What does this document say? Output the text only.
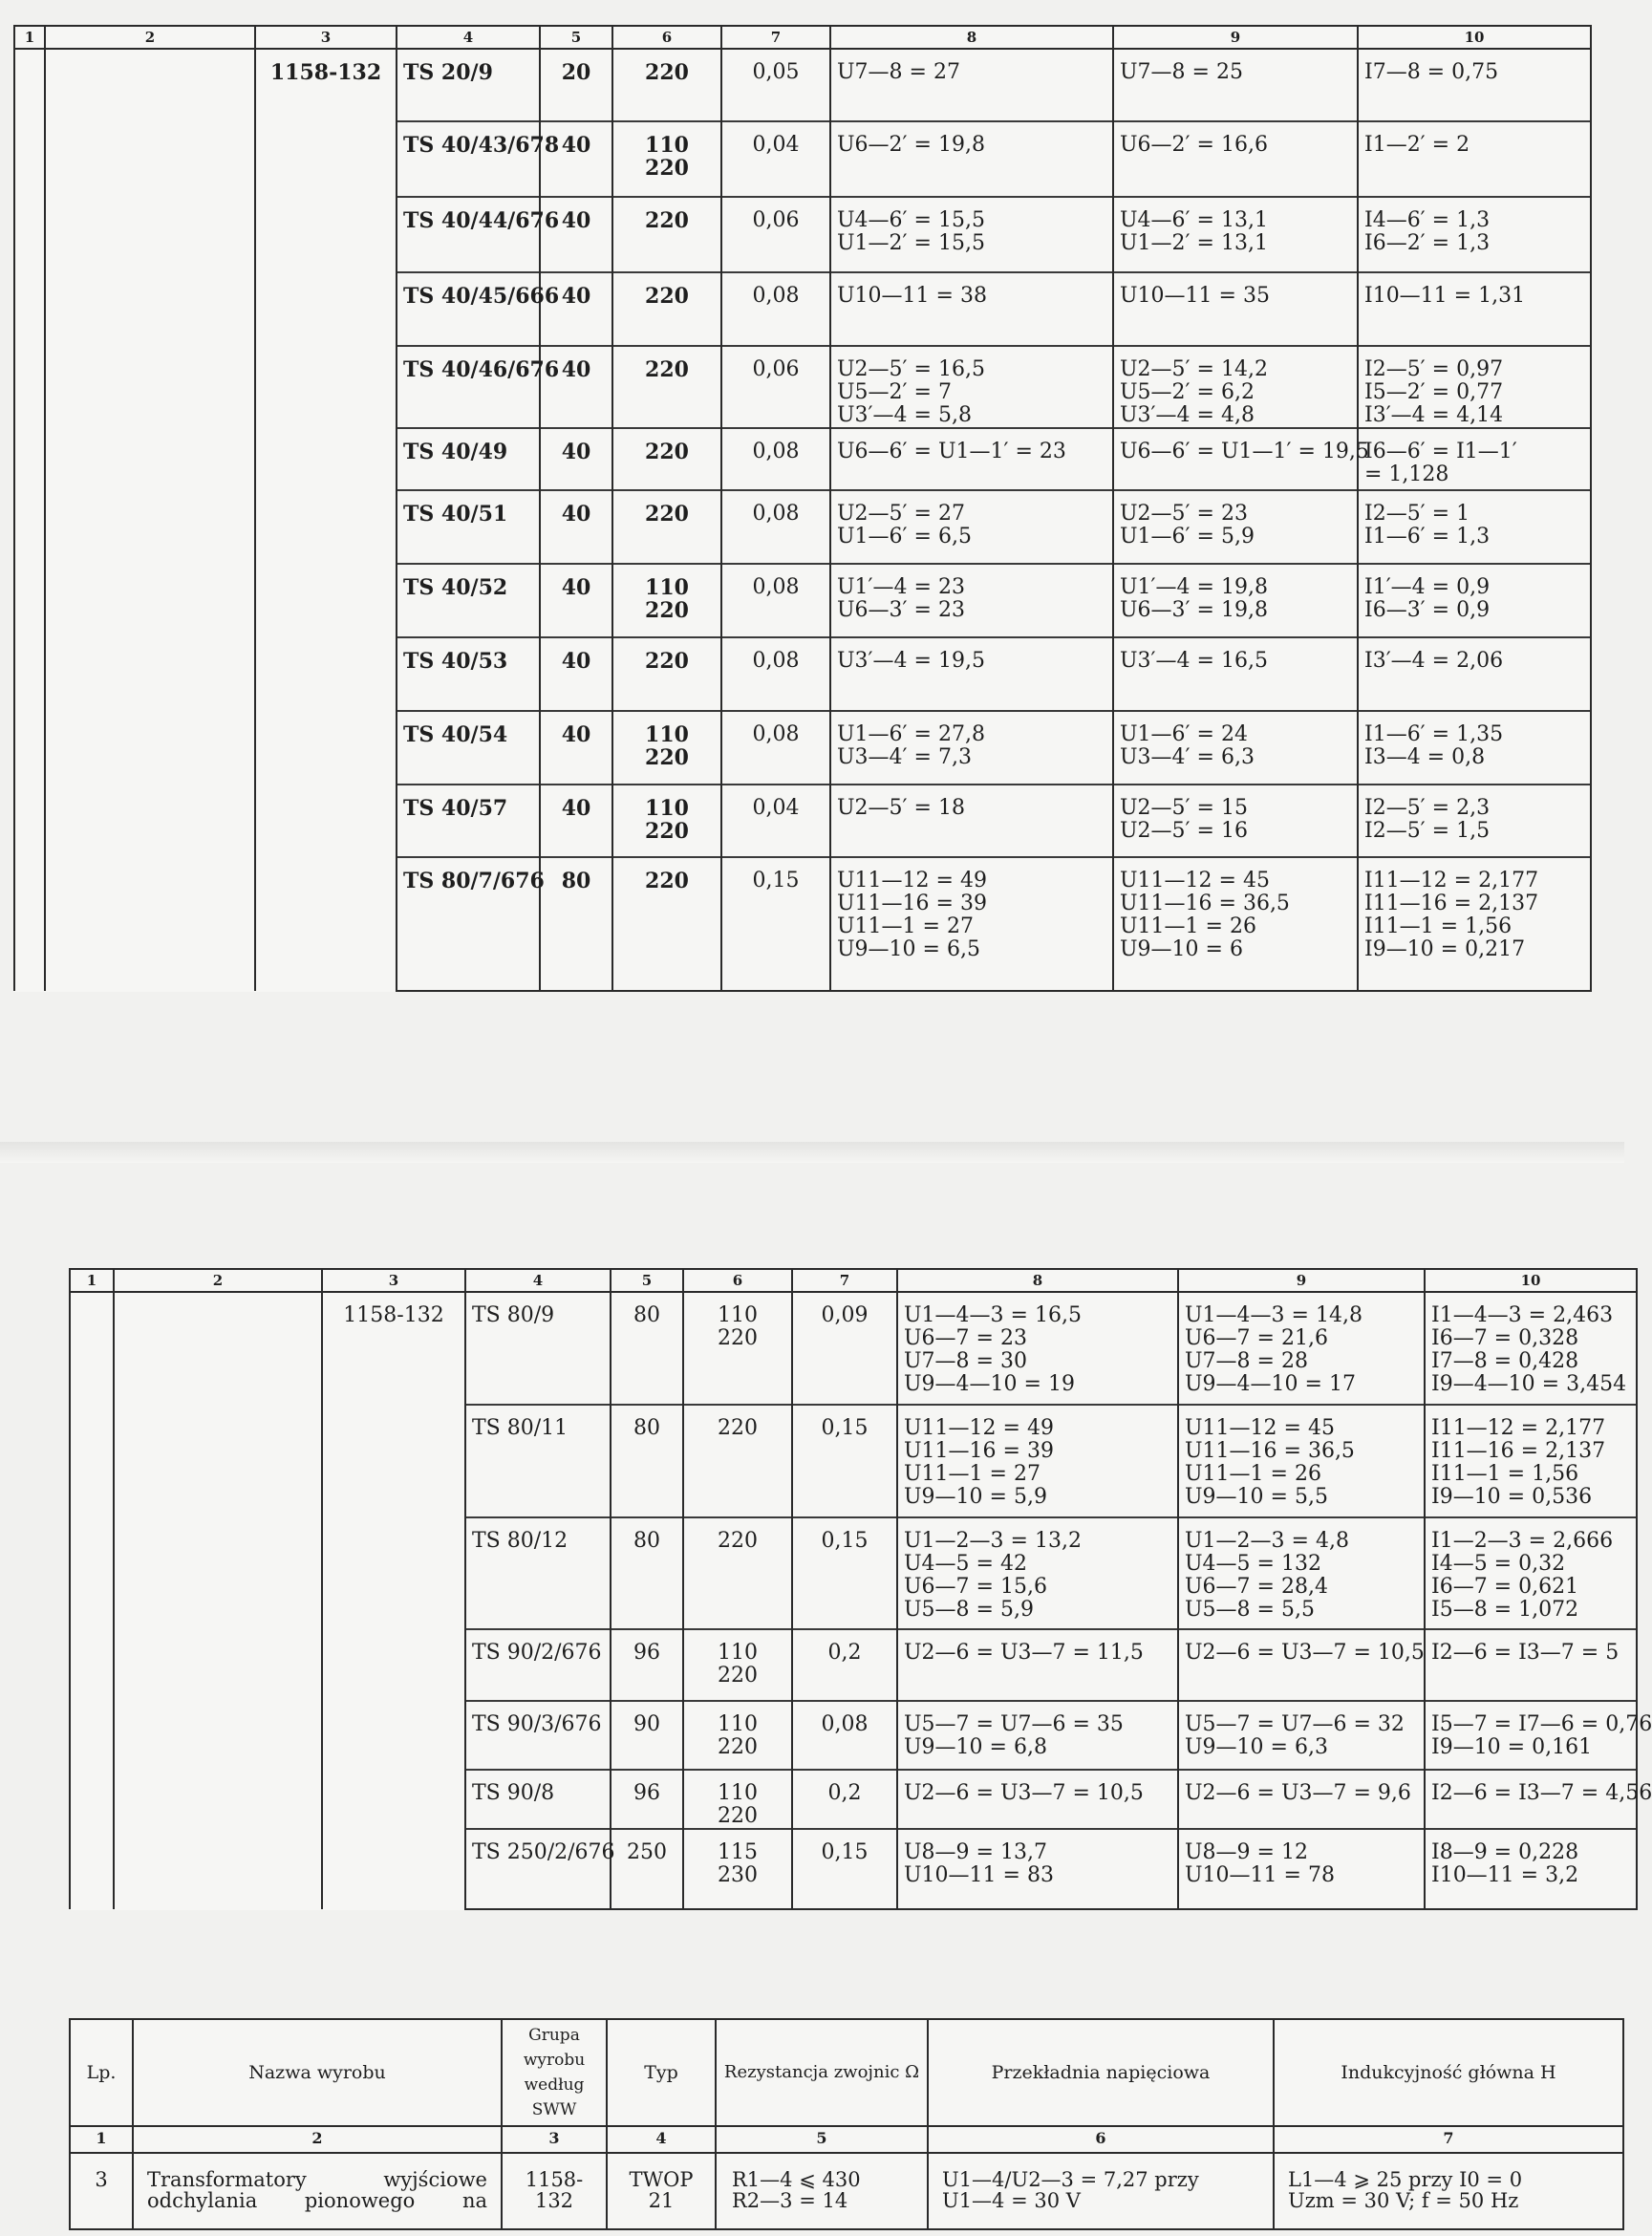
1	2	3	4	5	6	7	8	9	10
		1158-132	TS 20/9	20	220	0,05	U7—8 = 27	U7—8 = 25	I7—8 = 0,75

			TS 40/43/678	40	110
220	0,04	U6—2′ = 19,8	U6—2′ = 16,6	I1—2′ = 2

			TS 40/44/676	40	220	0,06	U4—6′ = 15,5
U1—2′ = 15,5	U4—6′ = 13,1
U1—2′ = 13,1	I4—6′ = 1,3
I6—2′ = 1,3

			TS 40/45/666	40	220	0,08	U10—11 = 38	U10—11 = 35	I10—11 = 1,31

			TS 40/46/676	40	220	0,06	U2—5′ = 16,5
U5—2′ = 7
U3′—4 = 5,8	U2—5′ = 14,2
U5—2′ = 6,2
U3′—4 = 4,8	I2—5′ = 0,97
I5—2′ = 0,77
I3′—4 = 4,14

			TS 40/49	40	220	0,08	U6—6′ = U1—1′ = 23	U6—6′ = U1—1′ = 19,5	I6—6′ = I1—1′
= 1,128

			TS 40/51	40	220	0,08	U2—5′ = 27
U1—6′ = 6,5	U2—5′ = 23
U1—6′ = 5,9	I2—5′ = 1
I1—6′ = 1,3

			TS 40/52	40	110
220	0,08	U1′—4 = 23
U6—3′ = 23	U1′—4 = 19,8
U6—3′ = 19,8	I1′—4 = 0,9
I6—3′ = 0,9

			TS 40/53	40	220	0,08	U3′—4 = 19,5	U3′—4 = 16,5	I3′—4 = 2,06

			TS 40/54	40	110
220	0,08	U1—6′ = 27,8
U3—4′ = 7,3	U1—6′ = 24
U3—4′ = 6,3	I1—6′ = 1,35
I3—4 = 0,8

			TS 40/57	40	110
220	0,04	U2—5′ = 18	U2—5′ = 15
U2—5′ = 16	I2—5′ = 2,3
I2—5′ = 1,5

			TS 80/7/676	80	220	0,15	U11—12 = 49
U11—16 = 39
U11—1 = 27
U9—10 = 6,5	U11—12 = 45
U11—16 = 36,5
U11—1 = 26
U9—10 = 6	I11—12 = 2,177
I11—16 = 2,137
I11—1 = 1,56
I9—10 = 0,217
1	2	3	4	5	6	7	8	9	10
		1158-132	TS 80/9	80	110
220	0,09	U1—4—3 = 16,5
U6—7 = 23
U7—8 = 30
U9—4—10 = 19	U1—4—3 = 14,8
U6—7 = 21,6
U7—8 = 28
U9—4—10 = 17	I1—4—3 = 2,463
I6—7 = 0,328
I7—8 = 0,428
I9—4—10 = 3,454

			TS 80/11	80	220	0,15	U11—12 = 49
U11—16 = 39
U11—1 = 27
U9—10 = 5,9	U11—12 = 45
U11—16 = 36,5
U11—1 = 26
U9—10 = 5,5	I11—12 = 2,177
I11—16 = 2,137
I11—1 = 1,56
I9—10 = 0,536

			TS 80/12	80	220	0,15	U1—2—3 = 13,2
U4—5 = 42
U6—7 = 15,6
U5—8 = 5,9	U1—2—3 = 4,8
U4—5 = 132
U6—7 = 28,4
U5—8 = 5,5	I1—2—3 = 2,666
I4—5 = 0,32
I6—7 = 0,621
I5—8 = 1,072

			TS 90/2/676	96	110
220	0,2	U2—6 = U3—7 = 11,5	U2—6 = U3—7 = 10,5	I2—6 = I3—7 = 5

			TS 90/3/676	90	110
220	0,08	U5—7 = U7—6 = 35
U9—10 = 6,8	U5—7 = U7—6 = 32
U9—10 = 6,3	I5—7 = I7—6 = 0,76
I9—10 = 0,161

			TS 90/8	96	110
220	0,2	U2—6 = U3—7 = 10,5	U2—6 = U3—7 = 9,6	I2—6 = I3—7 = 4,56

			TS 250/2/676	250	115
230	0,15	U8—9 = 13,7
U10—11 = 83	U8—9 = 12
U10—11 = 78	I8—9 = 0,228
I10—11 = 3,2
Lp.	Nazwa wyrobu	Grupa wyrobu według SWW	Typ	Rezystancja zwojnic Ω	Przekładnia napięciowa	Indukcyjność główna H
1	2	3	4	5	6	7
3	Transformatory wyjściowe
odchylania pionowego na	1158-132	TWOP
21	R1—4 ⩽ 430
R2—3 = 14	U1—4/U2—3 = 7,27 przy
U1—4 = 30 V	L1—4 ⩾ 25 przy I0 = 0
Uzm = 30 V; f = 50 Hz
